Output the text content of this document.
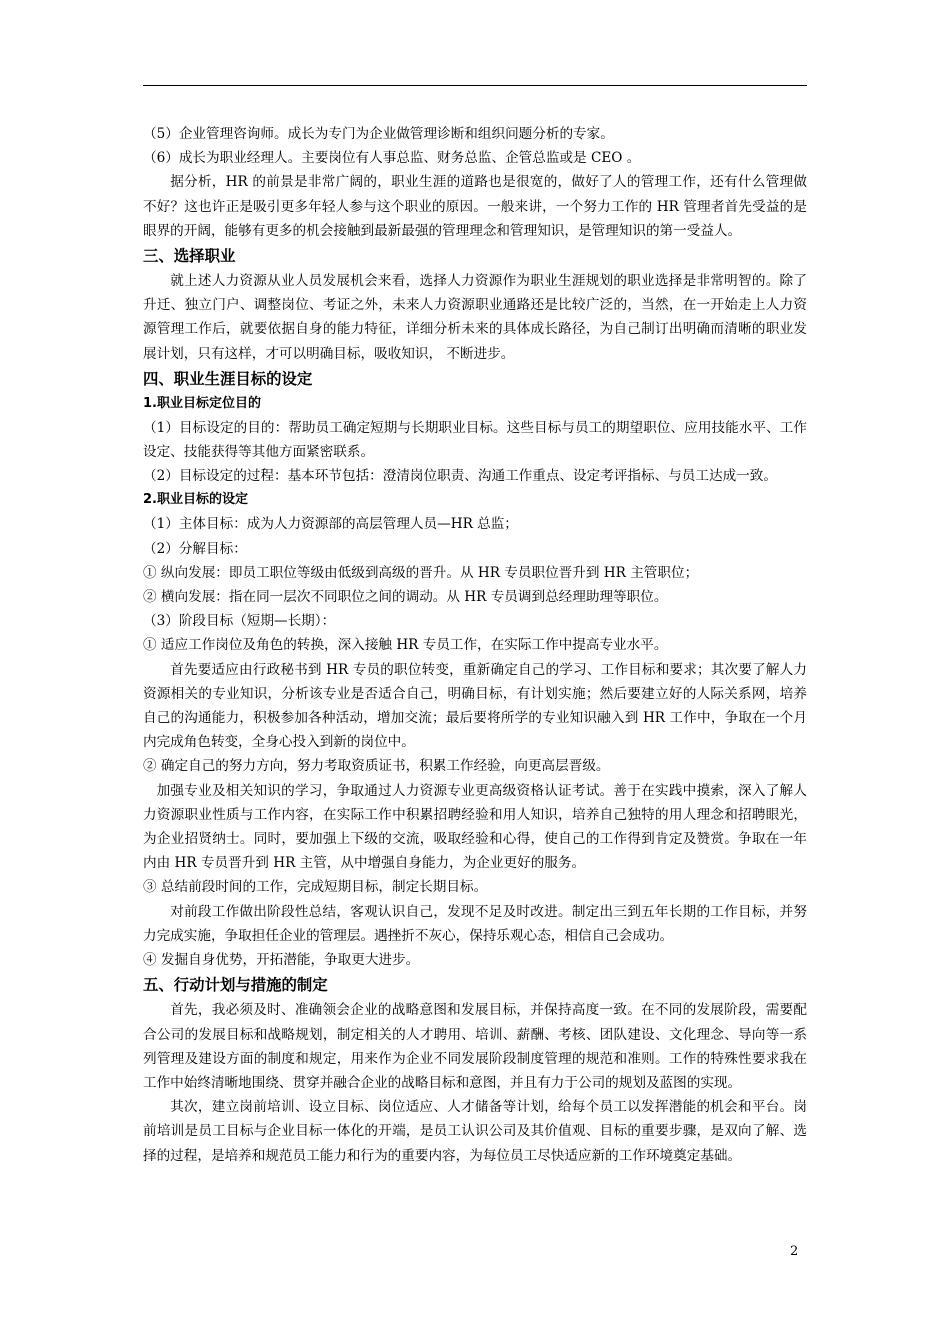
（5）企业管理咨询师。成长为专门为企业做管理诊断和组织问题分析的专家。

（6）成长为职业经理人。主要岗位有人事总监、财务总监、企管总监或是 CEO 。

据分析，HR 的前景是非常广阔的，职业生涯的道路也是很宽的，做好了人的管理工作，还有什么管理做不好？这也许正是吸引更多年轻人参与这个职业的原因。一般来讲，一个努力工作的 HR 管理者首先受益的是眼界的开阔，能够有更多的机会接触到最新最强的管理理念和管理知识，是管理知识的第一受益人。

三、选择职业

就上述人力资源从业人员发展机会来看，选择人力资源作为职业生涯规划的职业选择是非常明智的。除了升迁、独立门户、调整岗位、考证之外，未来人力资源职业通路还是比较广泛的，当然，在一开始走上人力资源管理工作后，就要依据自身的能力特征，详细分析未来的具体成长路径，为自己制订出明确而清晰的职业发展计划，只有这样，才可以明确目标，吸收知识， 不断进步。

四、职业生涯目标的设定
1.职业目标定位目的

（1）目标设定的目的：帮助员工确定短期与长期职业目标。这些目标与员工的期望职位、应用技能水平、工作设定、技能获得等其他方面紧密联系。

（2）目标设定的过程：基本环节包括：澄清岗位职责、沟通工作重点、设定考评指标、与员工达成一致。

2.职业目标的设定

（1）主体目标：成为人力资源部的高层管理人员—HR 总监；

（2）分解目标：

① 纵向发展：即员工职位等级由低级到高级的晋升。从 HR 专员职位晋升到 HR 主管职位；

② 横向发展：指在同一层次不同职位之间的调动。从 HR 专员调到总经理助理等职位。

（3）阶段目标（短期—长期）：

① 适应工作岗位及角色的转换，深入接触 HR 专员工作，在实际工作中提高专业水平。

首先要适应由行政秘书到 HR 专员的职位转变，重新确定自己的学习、工作目标和要求；其次要了解人力资源相关的专业知识，分析该专业是否适合自己，明确目标，有计划实施；然后要建立好的人际关系网，培养自己的沟通能力，积极参加各种活动，增加交流；最后要将所学的专业知识融入到 HR 工作中，争取在一个月内完成角色转变，全身心投入到新的岗位中。

② 确定自己的努力方向，努力考取资质证书，积累工作经验，向更高层晋级。

加强专业及相关知识的学习，争取通过人力资源专业更高级资格认证考试。善于在实践中摸索，深入了解人力资源职业性质与工作内容，在实际工作中积累招聘经验和用人知识，培养自己独特的用人理念和招聘眼光，为企业招贤纳士。同时，要加强上下级的交流，吸取经验和心得，使自己的工作得到肯定及赞赏。争取在一年内由 HR 专员晋升到 HR 主管，从中增强自身能力，为企业更好的服务。

③ 总结前段时间的工作，完成短期目标，制定长期目标。

对前段工作做出阶段性总结，客观认识自己，发现不足及时改进。制定出三到五年长期的工作目标，并努力完成实施，争取担任企业的管理层。遇挫折不灰心，保持乐观心态，相信自己会成功。

④ 发掘自身优势，开拓潜能，争取更大进步。

五、行动计划与措施的制定

首先，我必须及时、准确领会企业的战略意图和发展目标，并保持高度一致。在不同的发展阶段，需要配合公司的发展目标和战略规划，制定相关的人才聘用、培训、薪酬、考核、团队建设、文化理念、导向等一系列管理及建设方面的制度和规定，用来作为企业不同发展阶段制度管理的规范和准则。工作的特殊性要求我在工作中始终清晰地围绕、贯穿并融合企业的战略目标和意图，并且有力于公司的规划及蓝图的实现。

其次，建立岗前培训、设立目标、岗位适应、人才储备等计划，给每个员工以发挥潜能的机会和平台。岗前培训是员工目标与企业目标一体化的开端，是员工认识公司及其价值观、目标的重要步骤，是双向了解、选择的过程，是培养和规范员工能力和行为的重要内容，为每位员工尽快适应新的工作环境奠定基础。

2
